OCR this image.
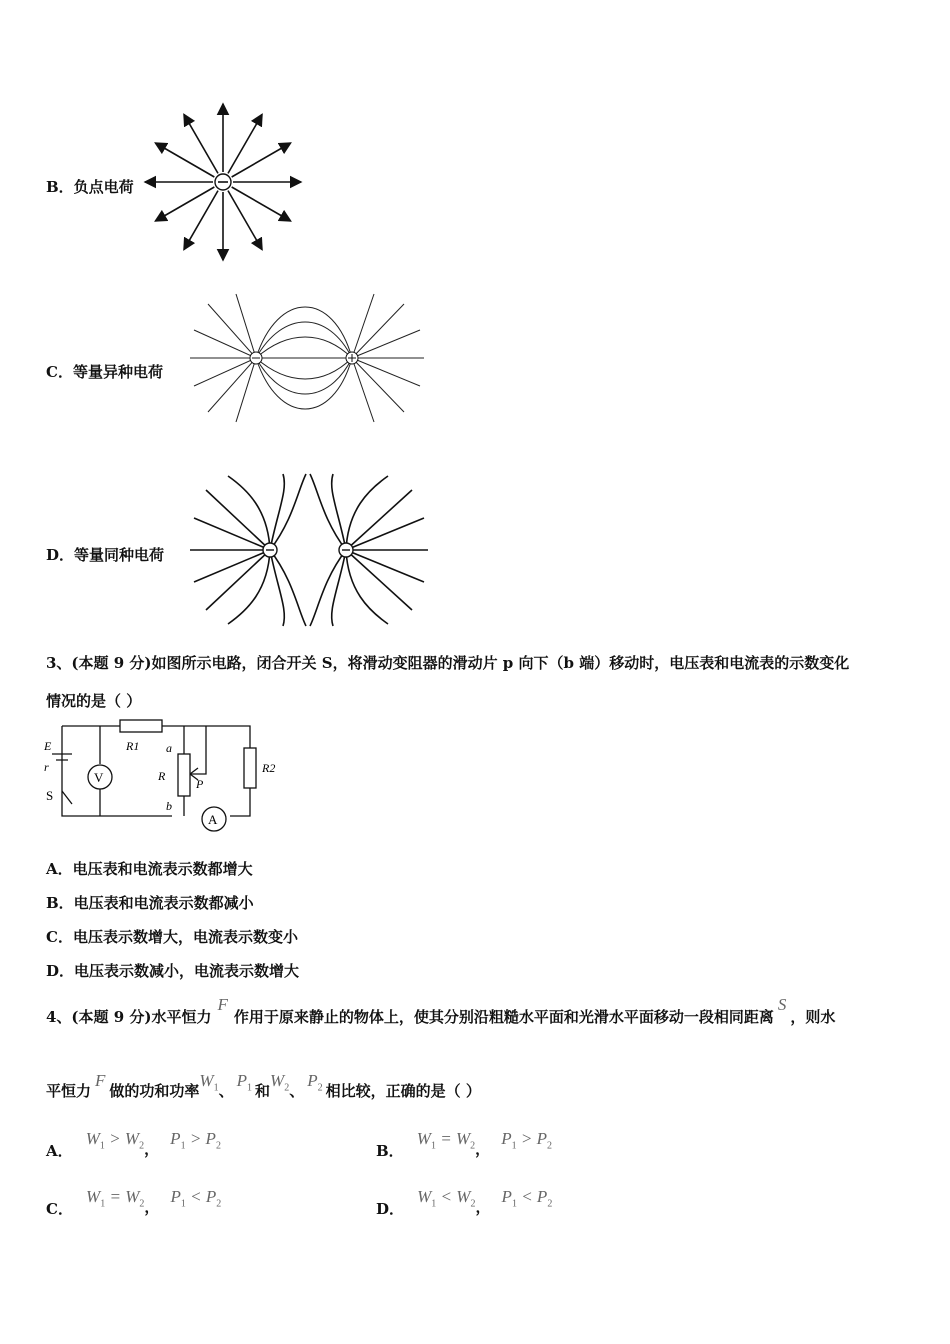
B．负点电荷
C．等量异种电荷
D．等量同种电荷
3、(本题 9 分)如图所示电路，闭合开关 S，将滑动变阻器的滑动片 p 向下（b 端）移动时，电压表和电流表的示数变化
情况的是（ ）
V
A
E
r
S
R1 a
R
b
P
R2
A．电压表和电流表示数都增大
B．电压表和电流表示数都减小
C．电压表示数增大，电流表示数变小
D．电压表示数减小，电流表示数增大
4、(本题 9 分)水平恒力F作用于原来静止的物体上，使其分别沿粗糙水平面和光滑水平面移动一段相同距离S，则水
平恒力F做的功和功率$W_1$、$P_1$ 和$W_2$、$P_2$ 相比较，正确的是（ ）
A． $W_1 > W_2$， $P_1 > P_2$	B． $W_1 = W_2$， $P_1 > P_2$
C． $W_1 = W_2$， $P_1 < P_2$	D． $W_1 < W_2$， $P_1 < P_2$
